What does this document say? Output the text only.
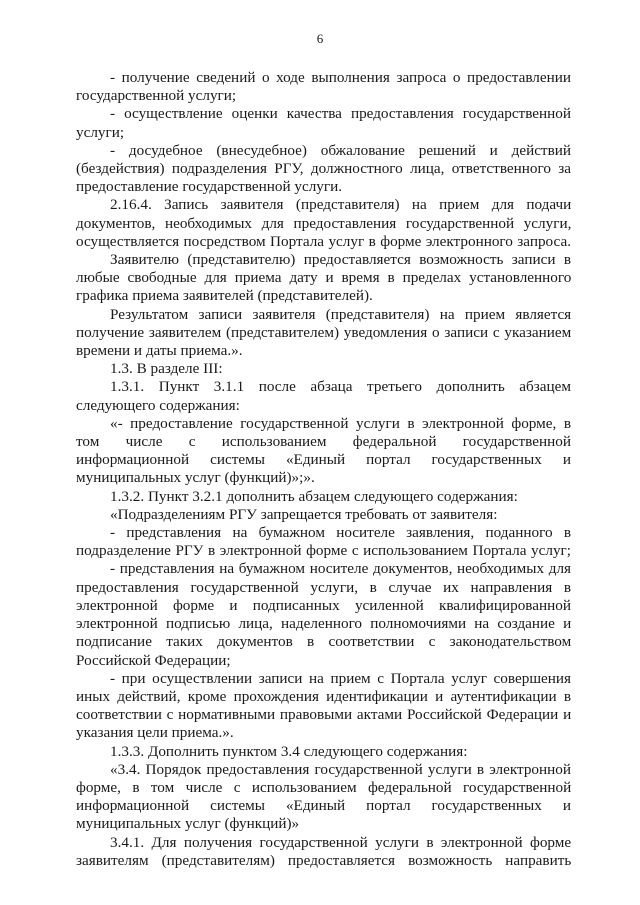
6
- получение сведений о ходе выполнения запроса о предоставлении
государственной услуги;
- осуществление оценки качества предоставления государственной
услуги;
- досудебное (внесудебное) обжалование решений и действий
(бездействия) подразделения РГУ, должностного лица, ответственного за
предоставление государственной услуги.
2.16.4. Запись заявителя (представителя) на прием для подачи
документов, необходимых для предоставления государственной услуги,
осуществляется посредством Портала услуг в форме электронного запроса.
Заявителю (представителю) предоставляется возможность записи в
любые свободные для приема дату и время в пределах установленного
графика приема заявителей (представителей).
Результатом записи заявителя (представителя) на прием является
получение заявителем (представителем) уведомления о записи с указанием
времени и даты приема.».
1.3. В разделе III:
1.3.1. Пункт 3.1.1 после абзаца третьего дополнить абзацем
следующего содержания:
«- предоставление государственной услуги в электронной форме, в
том числе с использованием федеральной государственной
информационной системы «Единый портал государственных и
муниципальных услуг (функций)»;».
1.3.2. Пункт 3.2.1 дополнить абзацем следующего содержания:
«Подразделениям РГУ запрещается требовать от заявителя:
- представления на бумажном носителе заявления, поданного в
подразделение РГУ в электронной форме с использованием Портала услуг;
- представления на бумажном носителе документов, необходимых для
предоставления государственной услуги, в случае их направления в
электронной форме и подписанных усиленной квалифицированной
электронной подписью лица, наделенного полномочиями на создание и
подписание таких документов в соответствии с законодательством
Российской Федерации;
- при осуществлении записи на прием с Портала услуг совершения
иных действий, кроме прохождения идентификации и аутентификации в
соответствии с нормативными правовыми актами Российской Федерации и
указания цели приема.».
1.3.3. Дополнить пунктом 3.4 следующего содержания:
«3.4. Порядок предоставления государственной услуги в электронной
форме, в том числе с использованием федеральной государственной
информационной системы «Единый портал государственных и
муниципальных услуг (функций)»
3.4.1. Для получения государственной услуги в электронной форме
заявителям (представителям) предоставляется возможность направить
